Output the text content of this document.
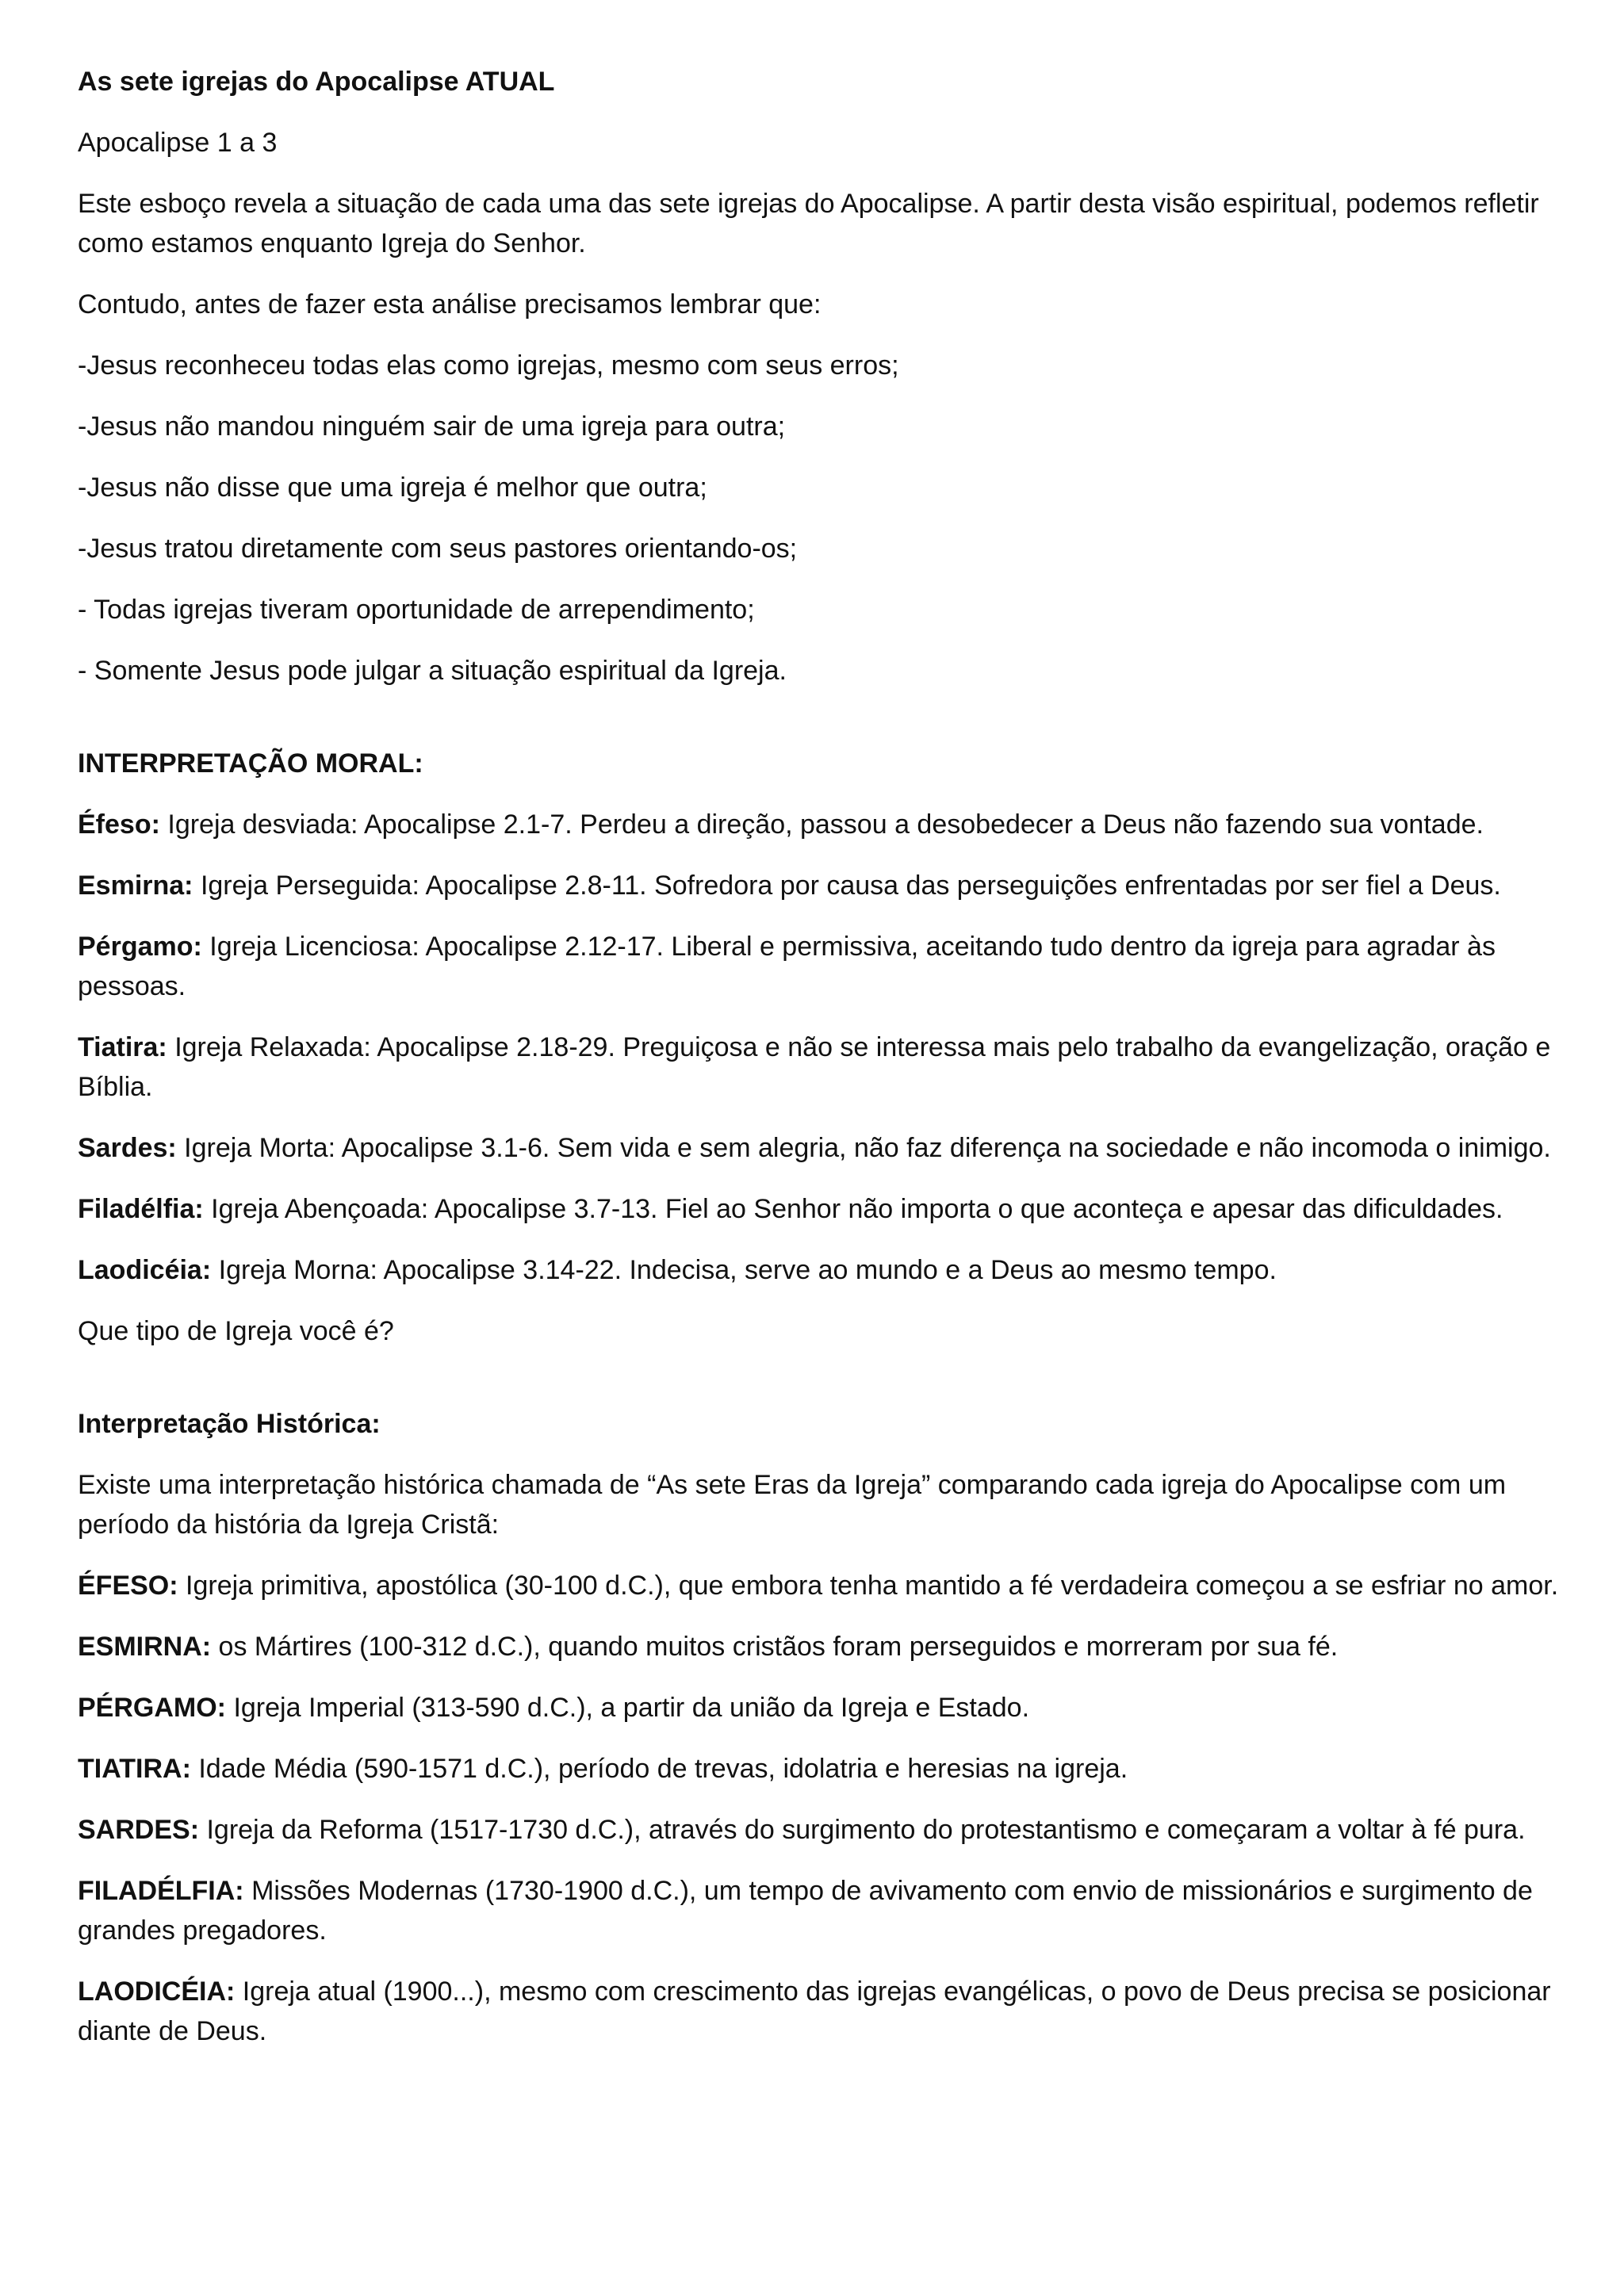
As sete igrejas do Apocalipse ATUAL

Apocalipse 1 a 3

Este esboço revela a situação de cada uma das sete igrejas do Apocalipse. A partir desta visão espiritual, podemos refletir como estamos enquanto Igreja do Senhor.

Contudo, antes de fazer esta análise precisamos lembrar que:

-Jesus reconheceu todas elas como igrejas, mesmo com seus erros;

-Jesus não mandou ninguém sair de uma igreja para outra;

-Jesus não disse que uma igreja é melhor que outra;

-Jesus tratou diretamente com seus pastores orientando-os;

- Todas igrejas tiveram oportunidade de arrependimento;

- Somente Jesus pode julgar a situação espiritual da Igreja.

INTERPRETAÇÃO MORAL:

Éfeso: Igreja desviada: Apocalipse 2.1-7. Perdeu a direção, passou a desobedecer a Deus não fazendo sua vontade.

Esmirna: Igreja Perseguida: Apocalipse 2.8-11. Sofredora por causa das perseguições enfrentadas por ser fiel a Deus.

Pérgamo: Igreja Licenciosa: Apocalipse 2.12-17. Liberal e permissiva, aceitando tudo dentro da igreja para agradar às pessoas.

Tiatira: Igreja Relaxada: Apocalipse 2.18-29. Preguiçosa e não se interessa mais pelo trabalho da evangelização, oração e Bíblia.

Sardes: Igreja Morta: Apocalipse 3.1-6. Sem vida e sem alegria, não faz diferença na sociedade e não incomoda o inimigo.

Filadélfia: Igreja Abençoada: Apocalipse 3.7-13. Fiel ao Senhor não importa o que aconteça e apesar das dificuldades.

Laodicéia: Igreja Morna: Apocalipse 3.14-22. Indecisa, serve ao mundo e a Deus ao mesmo tempo.

Que tipo de Igreja você é?

Interpretação Histórica:

Existe uma interpretação histórica chamada de “As sete Eras da Igreja” comparando cada igreja do Apocalipse com um período da história da Igreja Cristã:

ÉFESO: Igreja primitiva, apostólica (30-100 d.C.), que embora tenha mantido a fé verdadeira começou a se esfriar no amor.

ESMIRNA: os Mártires (100-312 d.C.), quando muitos cristãos foram perseguidos e morreram por sua fé.

PÉRGAMO: Igreja Imperial (313-590 d.C.), a partir da união da Igreja e Estado.

TIATIRA: Idade Média (590-1571 d.C.), período de trevas, idolatria e heresias na igreja.

SARDES: Igreja da Reforma (1517-1730 d.C.), através do surgimento do protestantismo e começaram a voltar à fé pura.

FILADÉLFIA: Missões Modernas (1730-1900 d.C.), um tempo de avivamento com envio de missionários e surgimento de grandes pregadores.

LAODICÉIA: Igreja atual (1900...), mesmo com crescimento das igrejas evangélicas, o povo de Deus precisa se posicionar diante de Deus.
